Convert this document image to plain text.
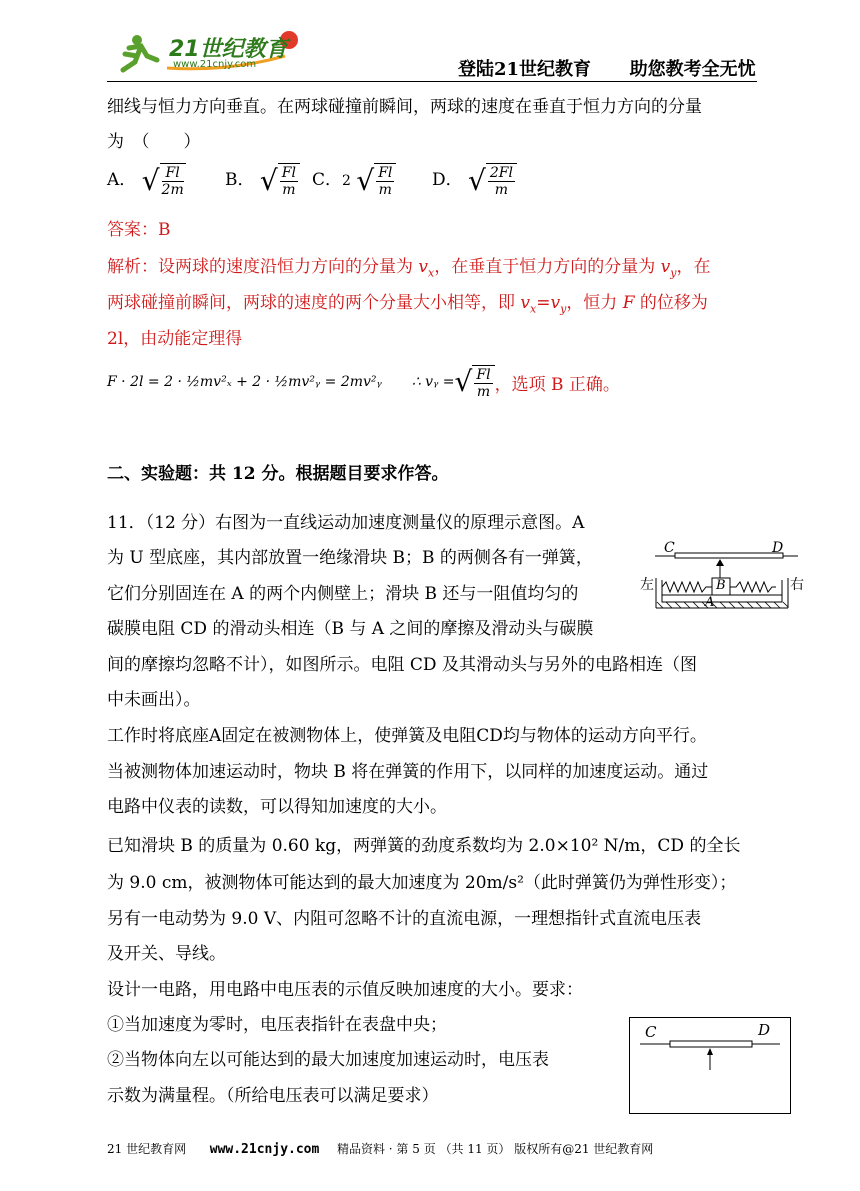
21世纪教育
www.21cnjy.com	登陆21世纪教育 助您教考全无忧
细线与恒力方向垂直。在两球碰撞前瞬间，两球的速度在垂直于恒力方向的分量
为　（　　）
A． √ $\frac{Fl}{2m}$ B． √ $\frac{Fl}{m}$ C．2 √ $\frac{Fl}{m}$ D． √ $\frac{2Fl}{m}$
答案：B
解析：设两球的速度沿恒力方向的分量为 $v_x$，在垂直于恒力方向的分量为 $v_y$，在
两球碰撞前瞬间，两球的速度的两个分量大小相等，即 $v_x=v_y$，恒力 F 的位移为
2l，由动能定理得
F · 2l = 2 · ½mv²ₓ + 2 · ½mv²ᵧ = 2mv²ᵧ ∴ vᵧ = √ $\frac{Fl}{m}$ ，选项 B 正确。
二、实验题：共 12 分。根据题目要求作答。
11．（12 分）右图为一直线运动加速度测量仪的原理示意图。A
为 U 型底座，其内部放置一绝缘滑块 B；B 的两侧各有一弹簧，
它们分别固连在 A 的两个内侧壁上；滑块 B 还与一阻值均匀的
碳膜电阻 CD 的滑动头相连（B 与 A 之间的摩擦及滑动头与碳膜
间的摩擦均忽略不计），如图所示。电阻 CD 及其滑动头与另外的电路相连（图
中未画出）。
工作时将底座A固定在被测物体上，使弹簧及电阻CD均与物体的运动方向平行。
当被测物体加速运动时，物块 B 将在弹簧的作用下，以同样的加速度运动。通过
电路中仪表的读数，可以得知加速度的大小。
已知滑块 B 的质量为 0.60 kg，两弹簧的劲度系数均为 2.0×10² N/m，CD 的全长
为 9.0 cm，被测物体可能达到的最大加速度为 20m/s²（此时弹簧仍为弹性形变）；
另有一电动势为 9.0 V、内阻可忽略不计的直流电源，一理想指针式直流电压表
及开关、导线。
设计一电路，用电路中电压表的示值反映加速度的大小。要求：
①当加速度为零时，电压表指针在表盘中央；
②当物体向左以可能达到的最大加速度加速运动时，电压表
示数为满量程。（所给电压表可以满足要求）
C	D
左	右
B
A
C	D
21 世纪教育网 www.21cnjy.com 精品资料 · 第 5 页 （共 11 页） 版权所有@21 世纪教育网
